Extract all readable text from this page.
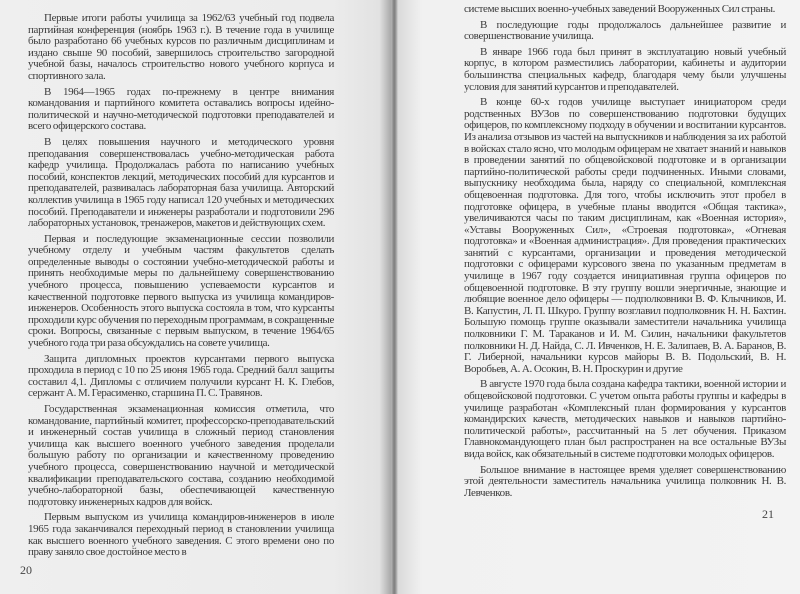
Первые итоги работы училища за 1962/63 учебный год подвела партийная конференция (ноябрь 1963 г.). В течение года в училище было разработано 66 учебных курсов по различным дисциплинам и издано свыше 90 пособий, завершилось строительство загородной учебной базы, началось строительство нового учебного корпуса и спортивного зала.

В 1964—1965 годах по-прежнему в центре внимания командования и партийного комитета оставались вопросы идейно-политической и научно-методической подготовки преподавателей и всего офицерского состава.

В целях повышения научного и методического уровня преподавания совершенствовалась учебно-методическая работа кафедр училища. Продолжалась работа по написанию учебных пособий, конспектов лекций, методических пособий для курсантов и преподавателей, развивалась лабораторная база училища. Авторский коллектив училища в 1965 году написал 120 учебных и методических пособий. Преподаватели и инженеры разработали и подготовили 296 лабораторных установок, тренажеров, макетов и действующих схем.

Первая и последующие экзаменационные сессии позволили учебному отделу и учебным частям факультетов сделать определенные выводы о состоянии учебно-методической работы и принять необходимые меры по дальнейшему совершенствованию учебного процесса, повышению успеваемости курсантов и качественной подготовке первого выпуска из училища командиров-инженеров. Особенность этого выпуска состояла в том, что курсанты проходили курс обучения по переходным программам, в сокращенные сроки. Вопросы, связанные с первым выпуском, в течение 1964/65 учебного года три раза обсуждались на совете училища.

Защита дипломных проектов курсантами первого выпуска проходила в период с 10 по 25 июня 1965 года. Средний балл защиты составил 4,1. Дипломы с отличием получили курсант Н. К. Глебов, сержант А. М. Герасименко, старшина П. С. Травянов.

Государственная экзаменационная комиссия отметила, что командование, партийный комитет, профессорско-преподавательский и инженерный состав училища в сложный период становления училища как высшего военного учебного заведения проделали большую работу по организации и качественному проведению учебного процесса, совершенствованию научной и методической квалификации преподавательского состава, созданию необходимой учебно-лабораторной базы, обеспечивающей качественную подготовку инженерных кадров для войск.

Первым выпуском из училища командиров-инженеров в июле 1965 года заканчивался переходный период в становлении училища как высшего военного учебного заведения. С этого времени оно по праву заняло свое достойное место в

20

системе высших военно-учебных заведений Вооруженных Сил страны.

В последующие годы продолжалось дальнейшее развитие и совершенствование училища.

В январе 1966 года был принят в эксплуатацию новый учебный корпус, в котором разместились лаборатории, кабинеты и аудитории большинства специальных кафедр, благодаря чему были улучшены условия для занятий курсантов и преподавателей.

В конце 60-х годов училище выступает инициатором среди родственных ВУЗов по совершенствованию подготовки будущих офицеров, по комплексному подходу в обучении и воспитании курсантов. Из анализа отзывов из частей на выпускников и наблюдения за их работой в войсках стало ясно, что молодым офицерам не хватает знаний и навыков в проведении занятий по общевойсковой подготовке и в организации партийно-политической работы среди подчиненных. Иными словами, выпускнику необходима была, наряду со специальной, комплексная общевоенная подготовка. Для того, чтобы исключить этот пробел в подготовке офицера, в учебные планы вводится «Общая тактика», увеличиваются часы по таким дисциплинам, как «Военная история», «Уставы Вооруженных Сил», «Строевая подготовка», «Огневая подготовка» и «Военная администрация». Для проведения практических занятий с курсантами, организации и проведения методической подготовки с офицерами курсового звена по указанным предметам в училище в 1967 году создается инициативная группа офицеров по общевоенной подготовке. В эту группу вошли энергичные, знающие и любящие военное дело офицеры — подполковники В. Ф. Клычников, И. В. Капустин, Л. П. Шкуро. Группу возглавил подполковник Н. Н. Бахтин. Большую помощь группе оказывали заместители начальника училища полковники Г. М. Тараканов и И. М. Силин, начальники факультетов полковники Н. Д. Найда, С. Л. Ивченков, Н. Е. Залипаев, В. А. Баранов, В. Г. Либерной, начальники курсов майоры В. В. Подольский, В. Н. Воробьев, А. А. Осокин, В. Н. Проскурин и другие

В августе 1970 года была создана кафедра тактики, военной истории и общевойсковой подготовки. С учетом опыта работы группы и кафедры в училище разработан «Комплексный план формирования у курсантов командирских качеств, методических навыков и навыков партийно-политической работы», рассчитанный на 5 лет обучения. Приказом Главнокомандующего план был распространен на все остальные ВУЗы вида войск, как обязательный в системе подготовки молодых офицеров.

Большое внимание в настоящее время уделяет совершенствованию этой деятельности заместитель начальника училища полковник Н. В. Левченков.

21
